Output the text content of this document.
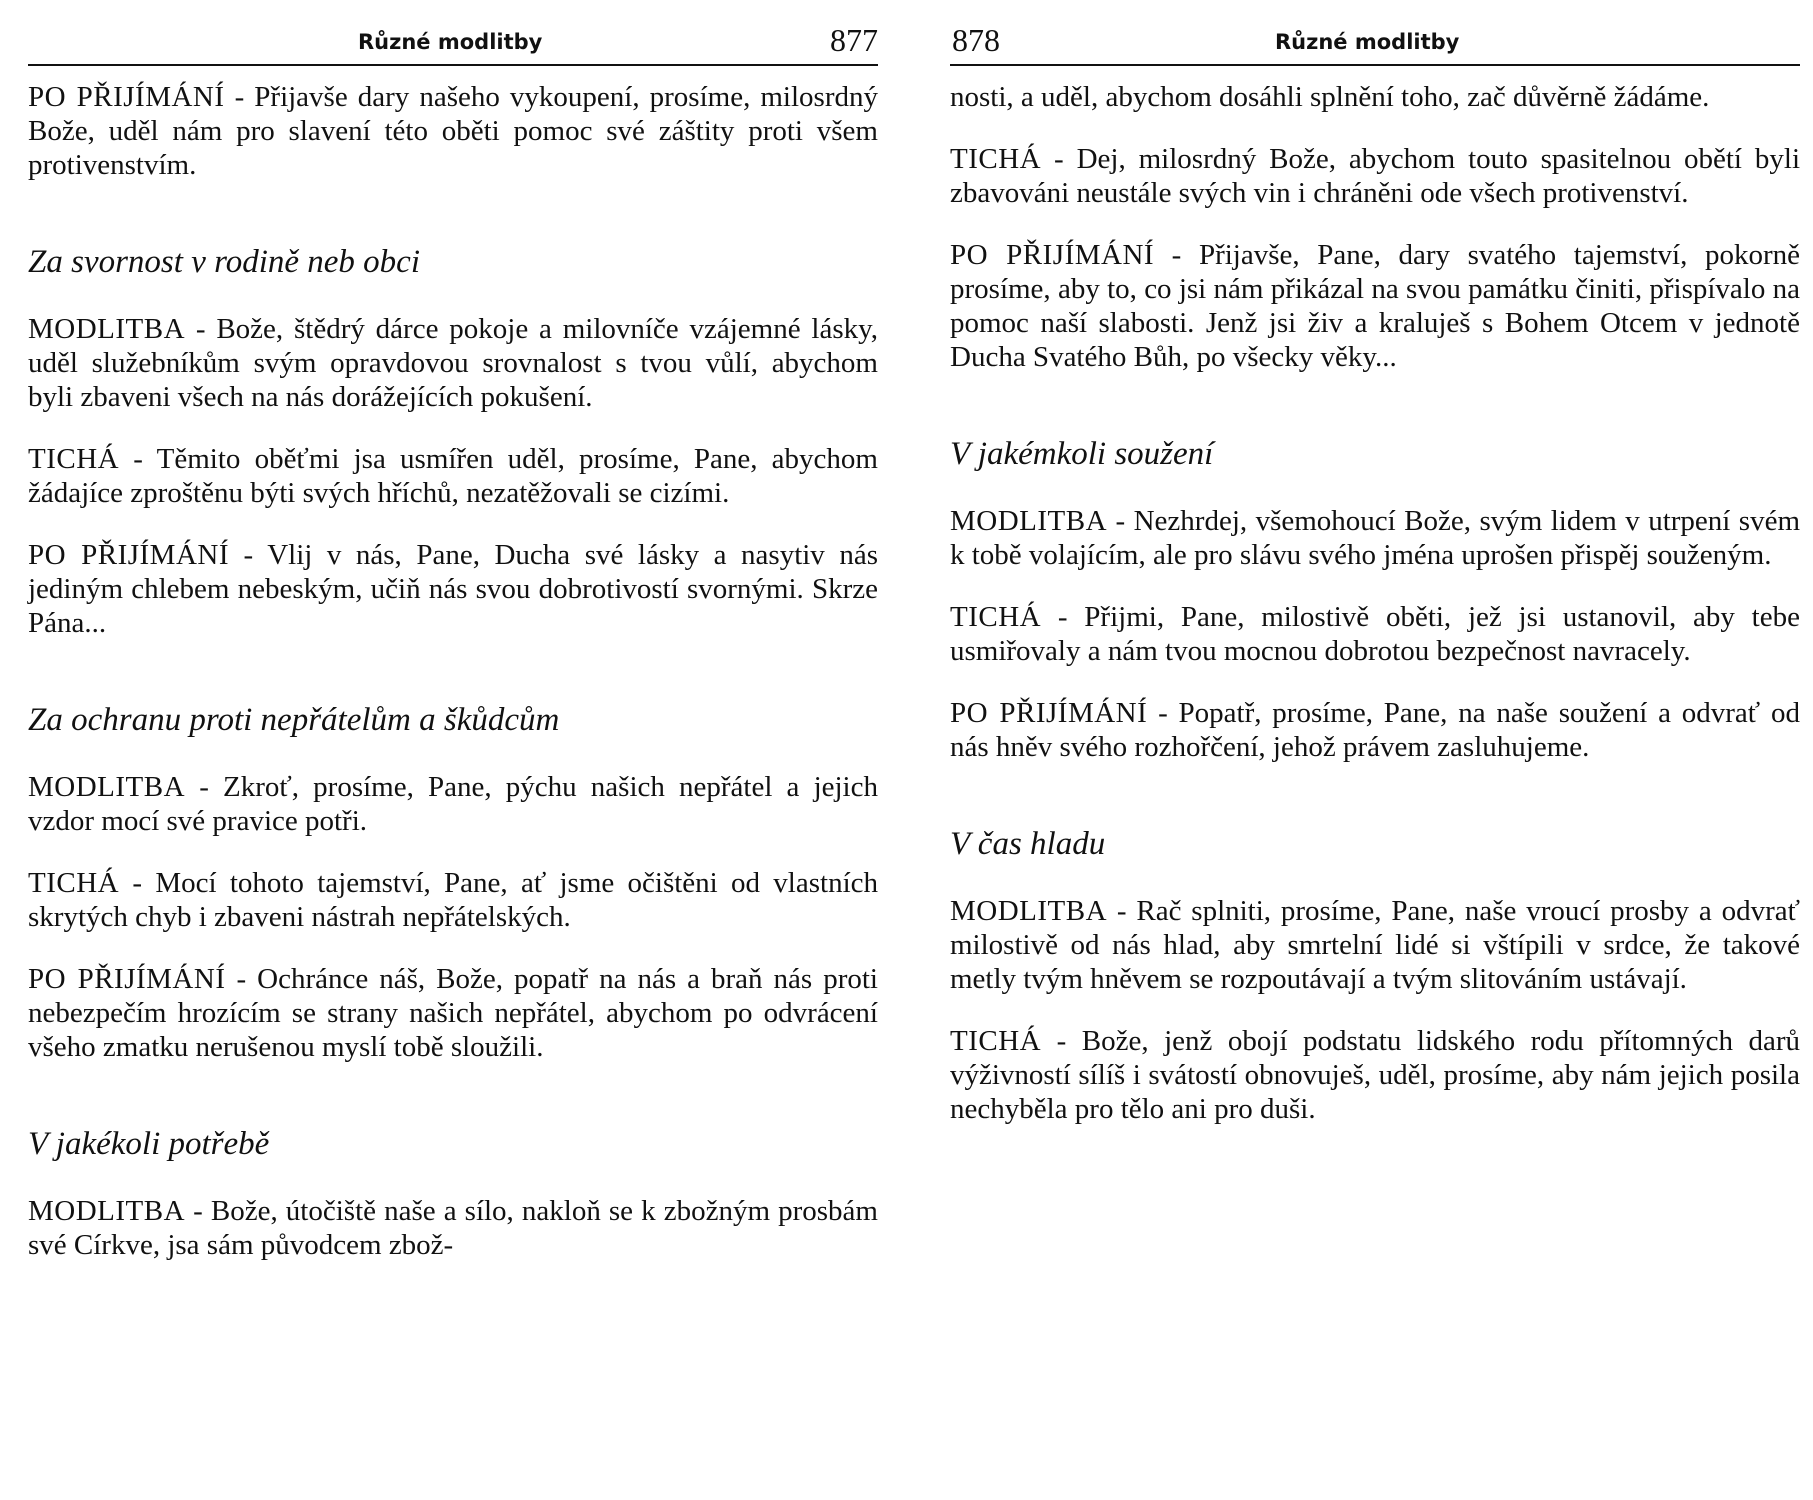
Různé modlitby	877

PO PŘIJÍMÁNÍ - Přijavše dary našeho vykoupení, prosíme, milosrdný Bože, uděl nám pro slavení této oběti pomoc své záštity proti všem protivenstvím.

Za svornost v rodině neb obci

MODLITBA - Bože, štědrý dárce pokoje a milovníče vzájemné lásky, uděl služebníkům svým opravdovou srovnalost s tvou vůlí, abychom byli zbaveni všech na nás dorážejících pokušení.

TICHÁ - Těmito oběťmi jsa usmířen uděl, prosíme, Pane, abychom žádajíce zproštěnu býti svých hříchů, nezatěžovali se cizími.

PO PŘIJÍMÁNÍ - Vlij v nás, Pane, Ducha své lásky a nasytiv nás jediným chlebem nebeským, učiň nás svou dobrotivostí svornými. Skrze Pána...

Za ochranu proti nepřátelům a škůdcům

MODLITBA - Zkroť, prosíme, Pane, pýchu našich nepřátel a jejich vzdor mocí své pravice potři.

TICHÁ - Mocí tohoto tajemství, Pane, ať jsme očištěni od vlastních skrytých chyb i zbaveni nástrah nepřátelských.

PO PŘIJÍMÁNÍ - Ochránce náš, Bože, popatř na nás a braň nás proti nebezpečím hrozícím se strany našich nepřátel, abychom po odvrácení všeho zmatku nerušenou myslí tobě sloužili.

V jakékoli potřebě

MODLITBA - Bože, útočiště naše a sílo, nakloň se k zbožným prosbám své Církve, jsa sám původcem zbož-

878	Různé modlitby

nosti, a uděl, abychom dosáhli splnění toho, zač důvěrně žádáme.

TICHÁ - Dej, milosrdný Bože, abychom touto spasitelnou obětí byli zbavováni neustále svých vin i chráněni ode všech protivenství.

PO PŘIJÍMÁNÍ - Přijavše, Pane, dary svatého tajemství, pokorně prosíme, aby to, co jsi nám přikázal na svou památku činiti, přispívalo na pomoc naší slabosti. Jenž jsi živ a kraluješ s Bohem Otcem v jednotě Ducha Svatého Bůh, po všecky věky...

V jakémkoli soužení

MODLITBA - Nezhrdej, všemohoucí Bože, svým lidem v utrpení svém k tobě volajícím, ale pro slávu svého jména uprošen přispěj souženým.

TICHÁ - Přijmi, Pane, milostivě oběti, jež jsi ustanovil, aby tebe usmiřovaly a nám tvou mocnou dobrotou bezpečnost navracely.

PO PŘIJÍMÁNÍ - Popatř, prosíme, Pane, na naše soužení a odvrať od nás hněv svého rozhořčení, jehož právem zasluhujeme.

V čas hladu

MODLITBA - Rač splniti, prosíme, Pane, naše vroucí prosby a odvrať milostivě od nás hlad, aby smrtelní lidé si vštípili v srdce, že takové metly tvým hněvem se rozpoutávají a tvým slitováním ustávají.

TICHÁ - Bože, jenž obojí podstatu lidského rodu přítomných darů výživností sílíš i svátostí obnovuješ, uděl, prosíme, aby nám jejich posila nechyběla pro tělo ani pro duši.
